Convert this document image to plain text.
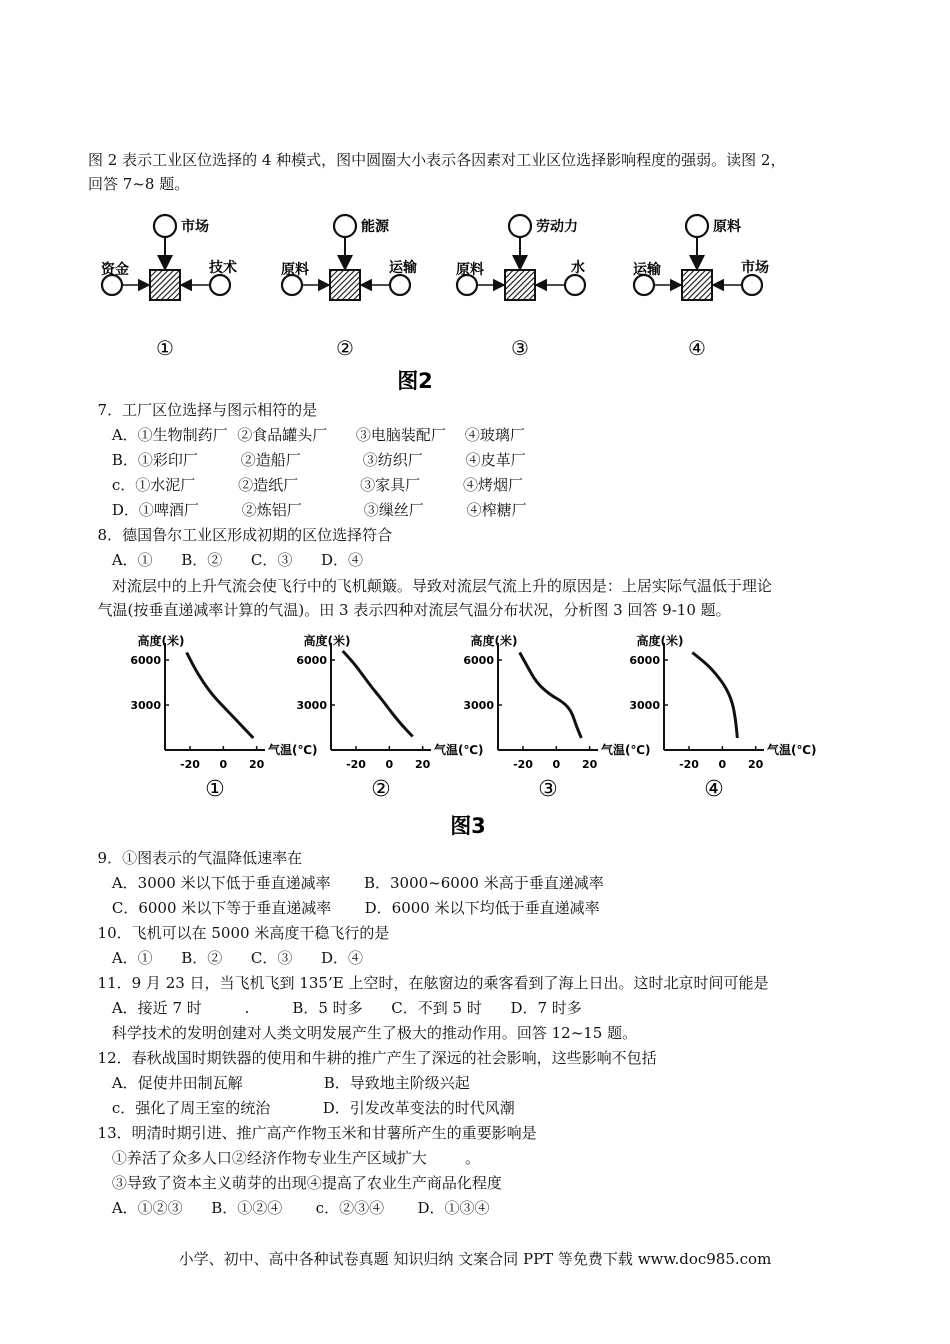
图 2 表示工业区位选择的 4 种模式，图中圆圈大小表示各因素对工业区位选择影响程度的强弱。读图 2，
回答 7~8 题。
市场
资金	技术
①
能源
原料	运输
②
劳动力
原料	水
③
原料
运输	市场
④
图2
7．工厂区位选择与图示相符的是
A．①生物制药厂  ②食品罐头厂      ③电脑装配厂    ④玻璃厂
B．①彩印厂         ②造船厂             ③纺织厂         ④皮革厂
c．①水泥厂         ②造纸厂             ③家具厂         ④烤烟厂
D．①啤酒厂         ②炼铝厂             ③缫丝厂         ④榨糖厂
8．德国鲁尔工业区形成初期的区位选择符合
A．①      B．②      C．③      D．④
对流层中的上升气流会使飞行中的飞机颠簸。导致对流层气流上升的原因是：上居实际气温低于理论
气温(按垂直递减率计算的气温)。田 3 表示四种对流层气温分布状况，分析图 3 回答 9-10 题。
高度(米)
6000
3000
-20 0 20
气温(℃)
①
高度(米)
6000
3000
-20 0 20
气温(℃)
②
高度(米)
6000
3000
-20 0 20
气温(℃)
③
高度(米)
6000
3000
-20 0 20
气温(℃)
④
图3
9．①图表示的气温降低速率在
A．3000 米以下低于垂直递减率       B．3000~6000 米高于垂直递减率
C．6000 米以下等于垂直递减率       D．6000 米以下均低于垂直递减率
10．飞机可以在 5000 米高度干稳飞行的是
A．①      B．②      C．③      D．④
11．9 月 23 日，当飞机飞到 135’E 上空时，在舷窗边的乘客看到了海上日出。这时北京时间可能是
A．接近 7 时         .         B．5 时多      C．不到 5 时      D．7 时多
科学技术的发明创建对人类文明发展产生了极大的推动作用。回答 12~15 题。
12．春秋战国时期铁器的使用和牛耕的推广产生了深远的社会影响，这些影响不包括
A．促使井田制瓦解                 B．导致地主阶级兴起
c．强化了周王室的统治           D．引发改革变法的时代风潮
13．明清时期引进、推广高产作物玉米和甘薯所产生的重要影响是
①养活了众多人口②经济作物专业生产区域扩大        。
③导致了资本主义萌芽的出现④提高了农业生产商品化程度
A．①②③      B．①②④       c．②③④       D．①③④
小学、初中、高中各种试卷真题 知识归纳 文案合同 PPT 等免费下载 www.doc985.com
